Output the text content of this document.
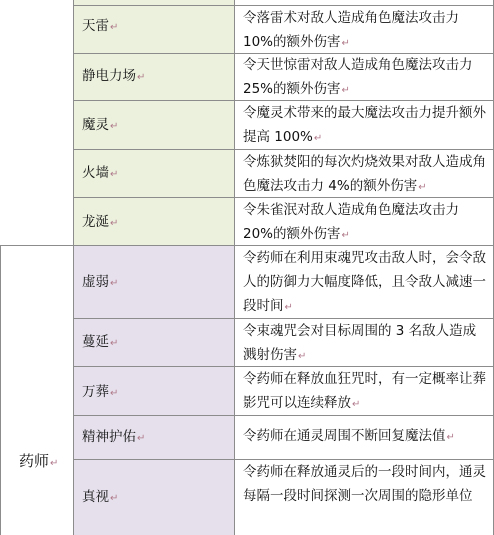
药师↵
天雷↵
令落雷术对敌人造成角色魔法攻击力10%的额外伤害↵
静电力场↵
令天世惊雷对敌人造成角色魔法攻击力25%的额外伤害↵
魔灵↵
令魔灵术带来的最大魔法攻击力提升额外提高 100%↵
火墙↵
令炼狱焚阳的每次灼烧效果对敌人造成角色魔法攻击力 4%的额外伤害↵
龙涎↵
令朱雀泯对敌人造成角色魔法攻击力20%的额外伤害↵
虚弱↵
令药师在利用束魂咒攻击敌人时，会令敌人的防御力大幅度降低，且令敌人减速一段时间↵
蔓延↵
令束魂咒会对目标周围的 3 名敌人造成溅射伤害↵
万葬↵
令药师在释放血狂咒时，有一定概率让葬影咒可以连续释放↵
精神护佑↵	令药师在通灵周围不断回复魔法值↵
真视↵
令药师在释放通灵后的一段时间内，通灵每隔一段时间探测一次周围的隐形单位
